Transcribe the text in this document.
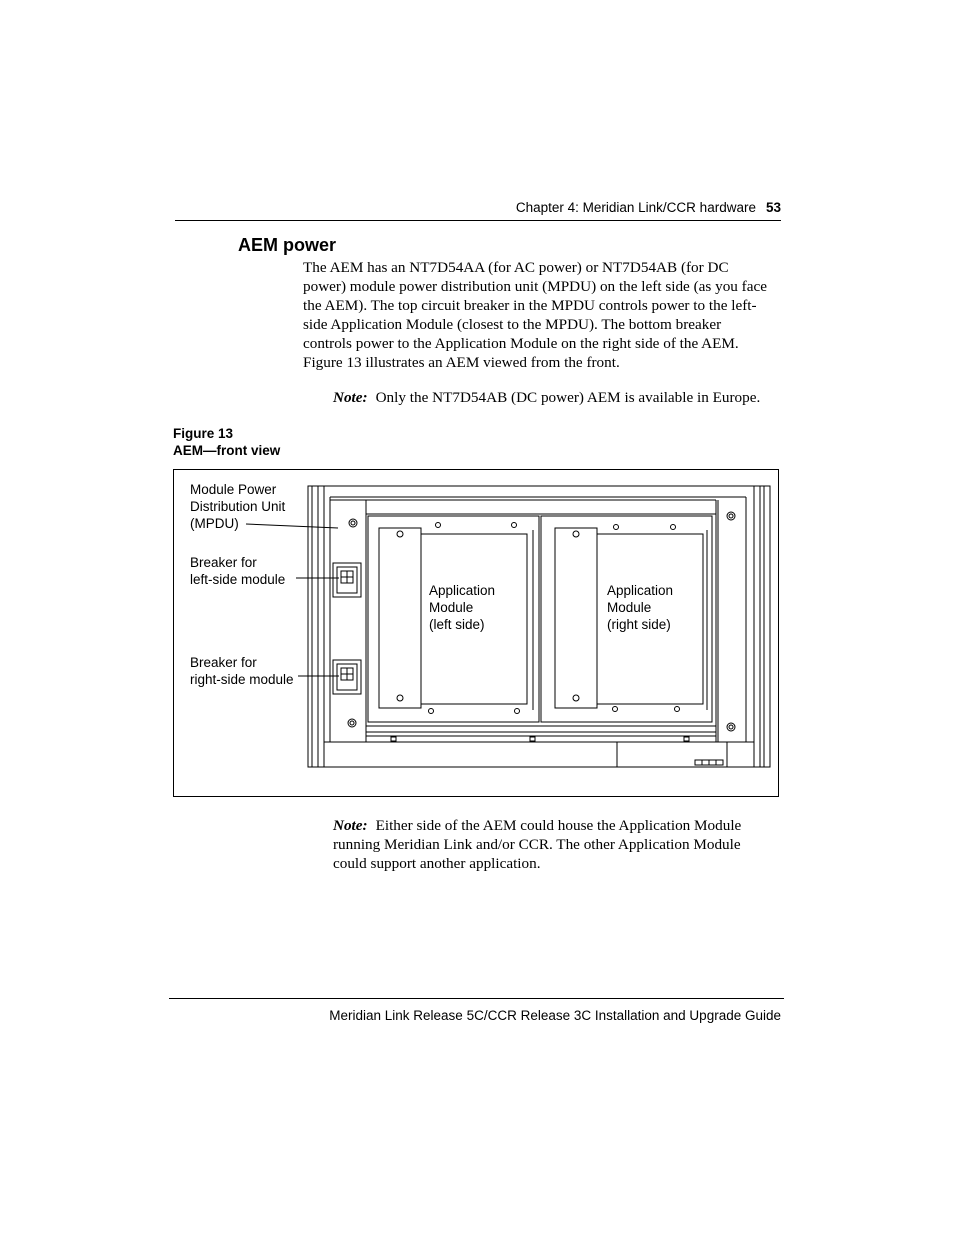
Chapter 4: Meridian Link/CCR hardware 53
AEM power

The AEM has an NT7D54AA (for AC power) or NT7D54AB (for DC

power) module power distribution unit (MPDU) on the left side (as you face

the AEM). The top circuit breaker in the MPDU controls power to the left-

side Application Module (closest to the MPDU). The bottom breaker

controls power to the Application Module on the right side of the AEM.

Figure 13 illustrates an AEM viewed from the front.

Note: Only the NT7D54AB (DC power) AEM is available in Europe.
Figure 13
AEM—front view
Module Power
Distribution Unit
(MPDU)
Breaker for
left-side module
Breaker for
right-side module
Application
Module
(left side)
Application
Module
(right side)
Note: Either side of the AEM could house the Application Module
running Meridian Link and/or CCR. The other Application Module
could support another application.
Meridian Link Release 5C/CCR Release 3C Installation and Upgrade Guide
